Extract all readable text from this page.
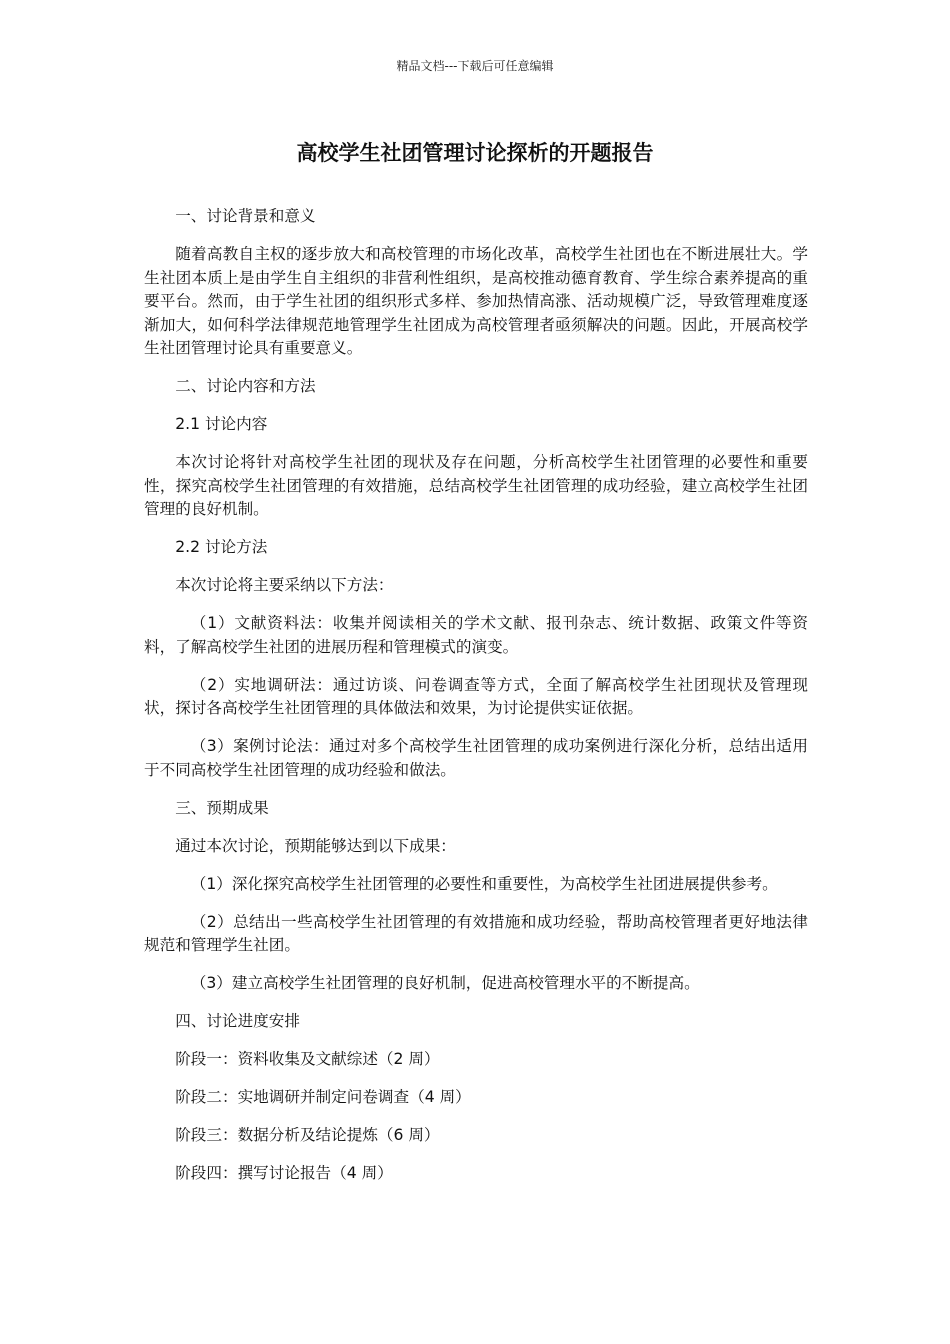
精品文档---下载后可任意编辑
高校学生社团管理讨论探析的开题报告

一、讨论背景和意义

随着高教自主权的逐步放大和高校管理的市场化改革，高校学生社团也在不断进展壮大。学生社团本质上是由学生自主组织的非营利性组织，是高校推动德育教育、学生综合素养提高的重要平台。然而，由于学生社团的组织形式多样、参加热情高涨、活动规模广泛，导致管理难度逐渐加大，如何科学法律规范地管理学生社团成为高校管理者亟须解决的问题。因此，开展高校学生社团管理讨论具有重要意义。

二、讨论内容和方法

2.1 讨论内容

本次讨论将针对高校学生社团的现状及存在问题，分析高校学生社团管理的必要性和重要性，探究高校学生社团管理的有效措施，总结高校学生社团管理的成功经验，建立高校学生社团管理的良好机制。

2.2 讨论方法

本次讨论将主要采纳以下方法：

（1）文献资料法：收集并阅读相关的学术文献、报刊杂志、统计数据、政策文件等资料，了解高校学生社团的进展历程和管理模式的演变。

（2）实地调研法：通过访谈、问卷调查等方式，全面了解高校学生社团现状及管理现状，探讨各高校学生社团管理的具体做法和效果，为讨论提供实证依据。

（3）案例讨论法：通过对多个高校学生社团管理的成功案例进行深化分析，总结出适用于不同高校学生社团管理的成功经验和做法。

三、预期成果

通过本次讨论，预期能够达到以下成果：

（1）深化探究高校学生社团管理的必要性和重要性，为高校学生社团进展提供参考。

（2）总结出一些高校学生社团管理的有效措施和成功经验，帮助高校管理者更好地法律规范和管理学生社团。

（3）建立高校学生社团管理的良好机制，促进高校管理水平的不断提高。

四、讨论进度安排

阶段一：资料收集及文献综述（2 周）

阶段二：实地调研并制定问卷调查（4 周）

阶段三：数据分析及结论提炼（6 周）

阶段四：撰写讨论报告（4 周）
